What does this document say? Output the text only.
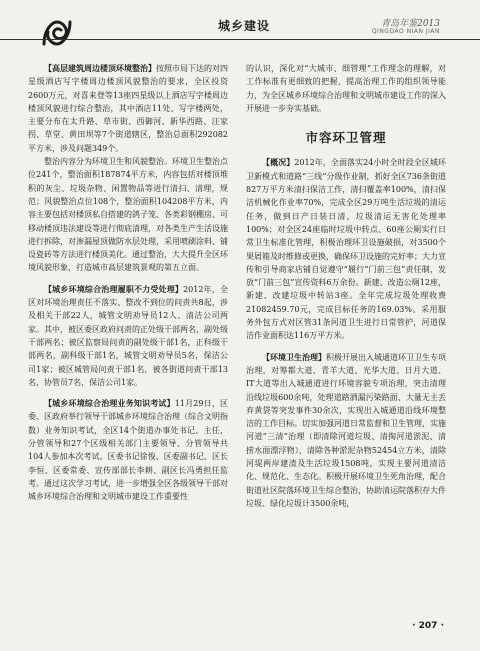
城乡建设	青岛年鉴2013
QINGDAO NIAN JIAN

【高层建筑周边楼顶环境整治】按照市局下达的对四星级酒店写字楼周边楼顶风貌整治的要求，全区投资2600万元，对喜来登等13座四星级以上酒店写字楼周边楼顶风貌进行综合整治，其中酒店11处、写字楼两处，主要分布在太升路、草市街、西御河、新华西路、汪家拐、草堂、黄田坝等7个街道辖区，整治总面积292082平方米，涉及问题349个。

整治内容分为环境卫生和风貌整治。环境卫生整治点位241个，整治面积187874平方米，内容包括对楼顶堆积的灰尘、垃圾杂物、闲置物品等进行清扫、清理，规范；风貌整治点位108个，整治面积104208平方米，内容主要包括对楼顶私自搭建的鸽子笼、各类彩钢棚房、可移动楼顶违法建设等进行彻底清理，对各类生产生活设施进行拆除，对渗漏屋顶做防水层处理，采用喷刷涂料、铺设瓷砖等方法进行楼顶美化。通过整治，大大提升全区环境风貌形象，打造城市高层建筑景观的第五立面。

【城乡环境综合治理履职不力受处理】2012年，全区对环境治理责任不落实、整改不到位的问责共8起，涉及相关干部22人，城管文明劝导员12人、清洁公司两家。其中，被区委区政府问责的正处级干部两名，副处级干部两名；被区监察局问责的副处级干部1名，正科级干部两名，副科级干部1名，城管文明劝导员5名，保洁公司1家；被区城管局问责干部1名，被各街道问责干部13名，协管员7名，保洁公司1家。

【城乡环境综合治理业务知识考试】11月29日，区委、区政府举行领导干部城乡环境综合治理（综合文明指数）业务知识考试，全区14个街道办事处书记、主任，分管领导和27个区级相关部门主要领导、分管领导共104人参加本次考试。区委书记徐俊、区委副书记、区长李恒、区委常委、宣传部部长李耕、副区长冯勇担任监考。通过这次学习考试，进一步增强全区各级领导干部对城乡环境综合治理和文明城市建设工作重要性

的认识，深化对“大城市、细管理”工作理念的理解，对工作标准有更细致的把握，提高治理工作的组织领导能力，为全区城乡环境综合治理和文明城市建设工作的深入开展进一步夯实基础。

市容环卫管理

【概况】2012年，全面落实24小时全时段全区城环卫新模式和道路“三线”分级作业制，抓好全区736条街道827万平方米清扫保洁工作，清扫覆盖率100%，清扫保洁机械化作业率70%，完成全区29万吨生活垃圾的清运任务，做到日产日装日清，垃圾清运无害化处理率100%；对全区24座临时垃圾中转点、60座公厕实行日常卫生标准化管理，积极治理环卫设施破损，对3500个果屑箱及时维修或更换，确保环卫设施的完好率；大力宣传和引导商家店铺自觉遵守“履行“门前三包”责任制，发放“门前三包”宣传资料6万余份。新建、改造公厕12座，新建、改建垃圾中转站3座。全年完成垃圾处理收费21082459.70元，完成目标任务的169.03%。采用服务外包方式对区管31条河道卫生进行日常管护，河道保洁作业面积达116万平方米。

【环境卫生治理】积极开展出入城通道环卫卫生专项治理，对筹都大道、青羊大道、光华大道、日月大道、IT大道等出入城通道进行环境容貌专项治理，突击清理沿线垃圾600余吨，处理道路洒漏污染路面、大量无主丢弃黄袋等突发事件30余次，实现出入城通道沿线环境整洁的工作目标。切实加强河道日常监督和卫生管理，实施河道“三清”治理（即清除河道垃圾、清掏河道淤泥、清捞水面漂浮物），清除各种淤泥杂物52454立方米，清除河堤两岸建渣及生活垃圾1508吨，实现主要河道清洁化、规范化、生态化。积极开展环境卫生死角治理，配合街道社区院落环境卫生综合整治，协助清运院落积存大件垃圾、绿化垃圾计3500余吨，

· 207 ·
